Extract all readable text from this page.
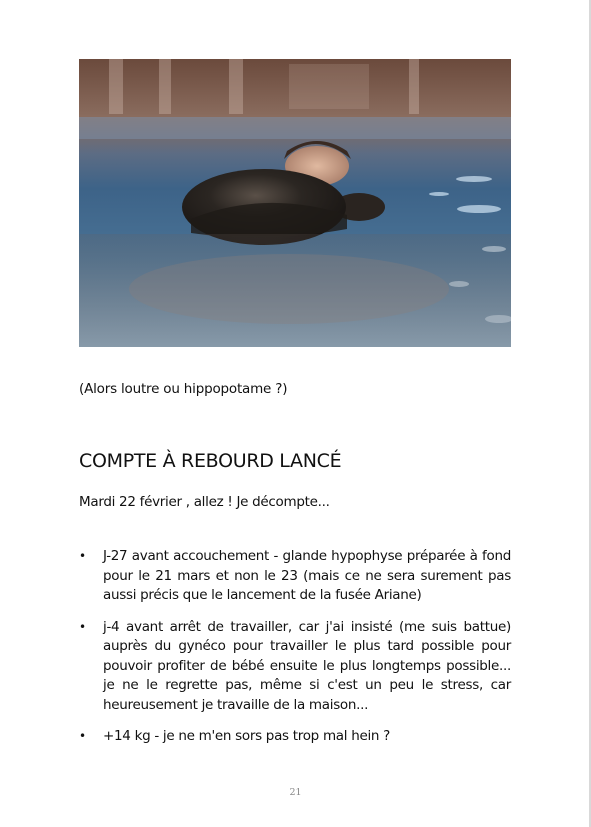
(Alors loutre ou hippopotame ?)
COMPTE À REBOURD LANCÉ
Mardi 22 février , allez ! Je décompte...
• J-27 avant accouchement - glande hypophyse préparée à fond pour le 21 mars et non le 23 (mais ce ne sera surement pas aussi précis que le lancement de la fusée Ariane)
• j-4 avant arrêt de travailler, car j'ai insisté (me suis battue) auprès du gynéco pour travailler le plus tard possible pour pouvoir profiter de bébé ensuite le plus longtemps possible... je ne le regrette pas, même si c'est un peu le stress, car heureusement je travaille de la maison...
• +14 kg - je ne m'en sors pas trop mal hein ?
21
